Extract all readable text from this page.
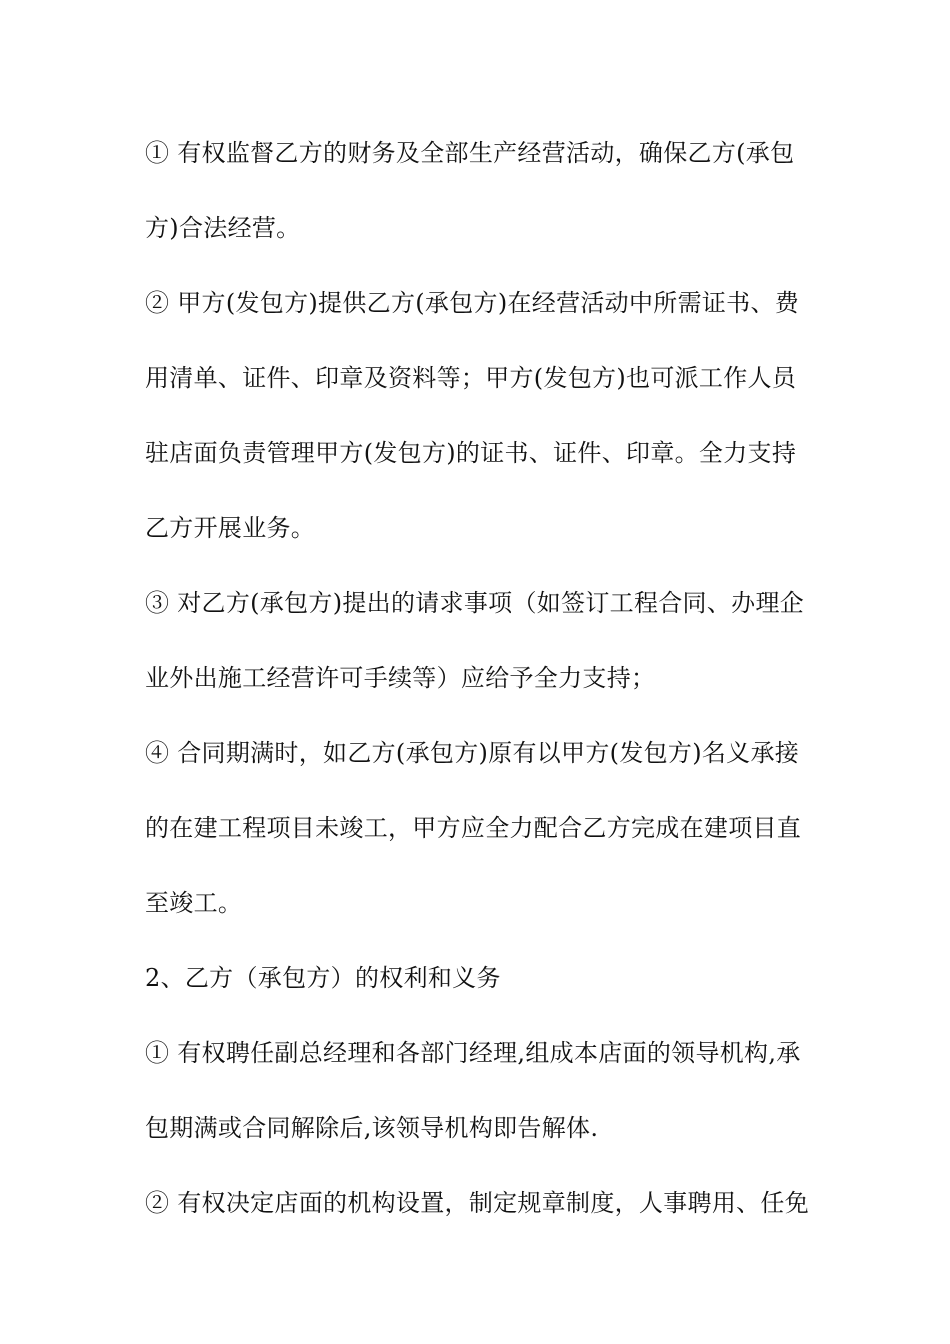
① 有权监督乙方的财务及全部生产经营活动，确保乙方(承包
方)合法经营。
② 甲方(发包方)提供乙方(承包方)在经营活动中所需证书、费
用清单、证件、印章及资料等；甲方(发包方)也可派工作人员
驻店面负责管理甲方(发包方)的证书、证件、印章。全力支持
乙方开展业务。
③ 对乙方(承包方)提出的请求事项（如签订工程合同、办理企
业外出施工经营许可手续等）应给予全力支持；
④ 合同期满时，如乙方(承包方)原有以甲方(发包方)名义承接
的在建工程项目未竣工，甲方应全力配合乙方完成在建项目直
至竣工。
2、乙方（承包方）的权利和义务
① 有权聘任副总经理和各部门经理,组成本店面的领导机构,承
包期满或合同解除后,该领导机构即告解体.
② 有权决定店面的机构设置，制定规章制度，人事聘用、任免
